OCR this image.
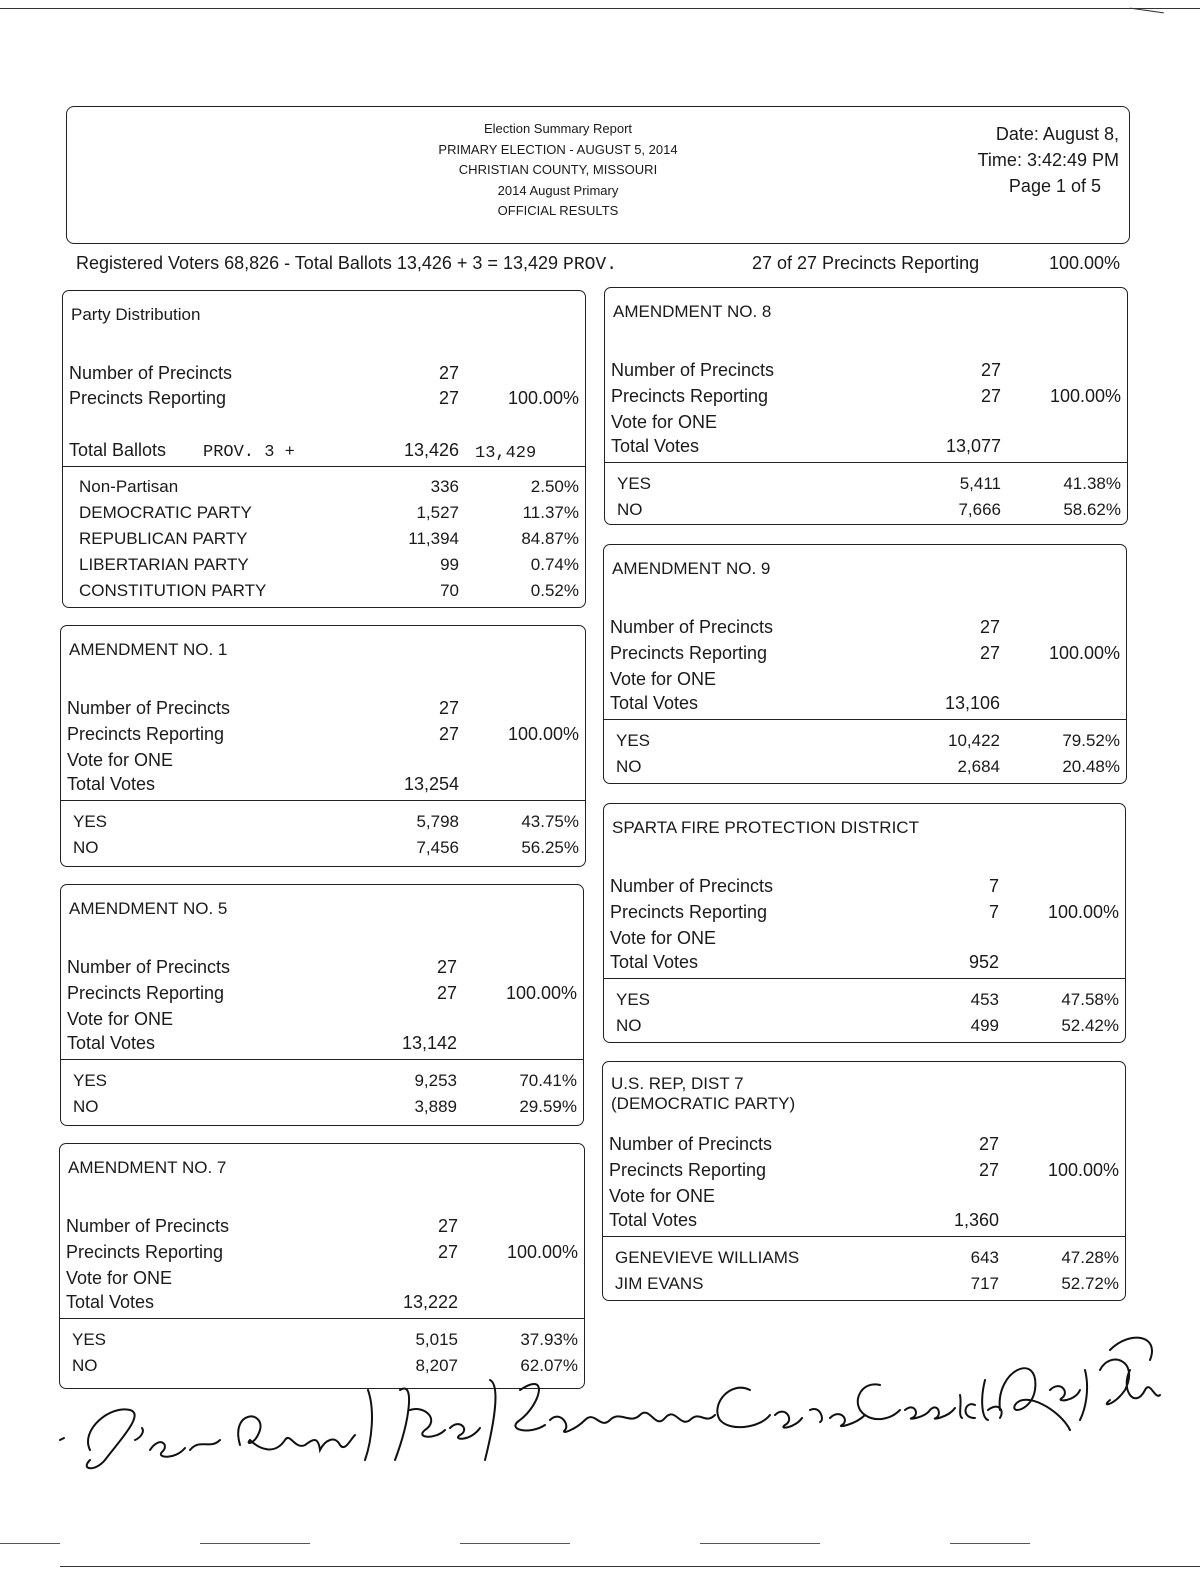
Election Summary Report
PRIMARY ELECTION - AUGUST 5, 2014
CHRISTIAN COUNTY, MISSOURI
2014 August Primary
OFFICIAL RESULTS
Date: August 8,
Time: 3:42:49 PM
Page 1 of 5
Registered Voters 68,826 - Total Ballots 13,426 + 3 = 13,429 PROV.	27 of 27 Precincts Reporting	100.00%
Party Distribution
Number of Precincts	27
Precincts Reporting	27	100.00%
Total Ballots PROV. 3 +	13,426 13,429
Non-Partisan	336	2.50%
DEMOCRATIC PARTY	1,527	11.37%
REPUBLICAN PARTY	11,394	84.87%
LIBERTARIAN PARTY	99	0.74%
CONSTITUTION PARTY	70	0.52%
AMENDMENT NO. 1
Number of Precincts	27
Precincts Reporting	27	100.00%
Vote for ONE
Total Votes	13,254
YES	5,798	43.75%
NO	7,456	56.25%
AMENDMENT NO. 5
Number of Precincts	27
Precincts Reporting	27	100.00%
Vote for ONE
Total Votes	13,142
YES	9,253	70.41%
NO	3,889	29.59%
AMENDMENT NO. 7
Number of Precincts	27
Precincts Reporting	27	100.00%
Vote for ONE
Total Votes	13,222
YES	5,015	37.93%
NO	8,207	62.07%
AMENDMENT NO. 8
Number of Precincts	27
Precincts Reporting	27	100.00%
Vote for ONE
Total Votes	13,077
YES	5,411	41.38%
NO	7,666	58.62%
AMENDMENT NO. 9
Number of Precincts	27
Precincts Reporting	27	100.00%
Vote for ONE
Total Votes	13,106
YES	10,422	79.52%
NO	2,684	20.48%
SPARTA FIRE PROTECTION DISTRICT
Number of Precincts	7
Precincts Reporting	7	100.00%
Vote for ONE
Total Votes	952
YES	453	47.58%
NO	499	52.42%
U.S. REP, DIST 7
(DEMOCRATIC PARTY)
Number of Precincts	27
Precincts Reporting	27	100.00%
Vote for ONE
Total Votes	1,360
GENEVIEVE WILLIAMS	643	47.28%
JIM EVANS	717	52.72%
